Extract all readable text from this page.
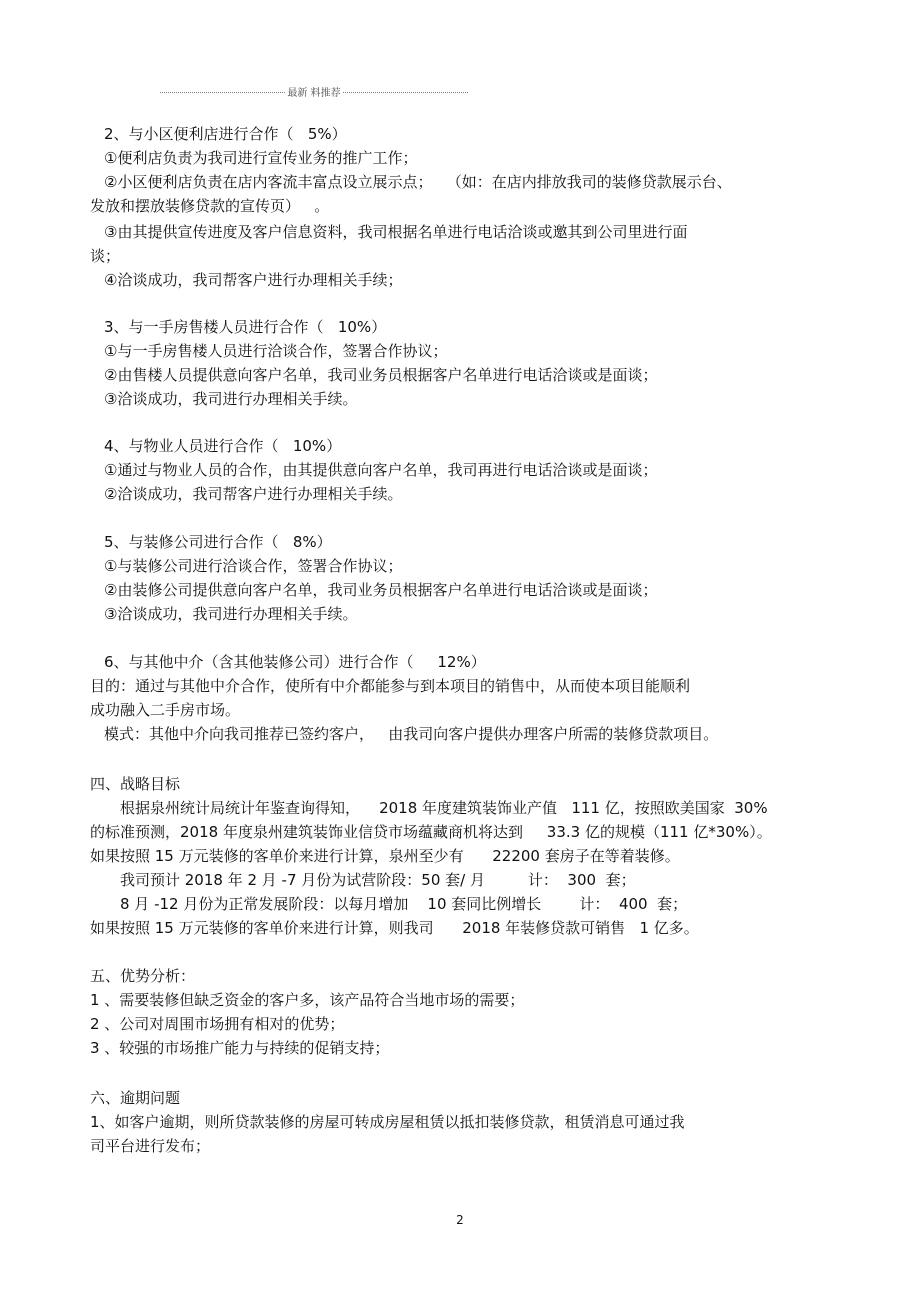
最新 料推荐
2、与小区便利店进行合作（   5%）
①便利店负责为我司进行宣传业务的推广工作；
②小区便利店负责在店内客流丰富点设立展示点；   （如：在店内排放我司的装修贷款展示台、
发放和摆放装修贷款的宣传页）   。
③由其提供宣传进度及客户信息资料，我司根据名单进行电话洽谈或邀其到公司里进行面
谈；
④洽谈成功，我司帮客户进行办理相关手续；
3、与一手房售楼人员进行合作（   10%）
①与一手房售楼人员进行洽谈合作，签署合作协议；
②由售楼人员提供意向客户名单，我司业务员根据客户名单进行电话洽谈或是面谈；
③洽谈成功，我司进行办理相关手续。
4、与物业人员进行合作（   10%）
①通过与物业人员的合作，由其提供意向客户名单，我司再进行电话洽谈或是面谈；
②洽谈成功，我司帮客户进行办理相关手续。
5、与装修公司进行合作（   8%）
①与装修公司进行洽谈合作，签署合作协议；
②由装修公司提供意向客户名单，我司业务员根据客户名单进行电话洽谈或是面谈；
③洽谈成功，我司进行办理相关手续。
6、与其他中介（含其他装修公司）进行合作（     12%）
目的：通过与其他中介合作，使所有中介都能参与到本项目的销售中，从而使本项目能顺利
成功融入二手房市场。
模式：其他中介向我司推荐已签约客户，   由我司向客户提供办理客户所需的装修贷款项目。
四、战略目标
根据泉州统计局统计年鉴查询得知，    2018 年度建筑装饰业产值   111 亿，按照欧美国家  30%
的标准预测，2018 年度泉州建筑装饰业信贷市场蕴藏商机将达到     33.3 亿的规模（111 亿*30%）。
如果按照 15 万元装修的客单价来进行计算，泉州至少有      22200 套房子在等着装修。
我司预计 2018 年 2 月 -7 月份为试营阶段：50 套/ 月         计：  300  套；
8 月 -12 月份为正常发展阶段：以每月增加    10 套同比例增长        计：  400  套；
如果按照 15 万元装修的客单价来进行计算，则我司      2018 年装修贷款可销售   1 亿多。
五、优势分析：
1 、需要装修但缺乏资金的客户多，该产品符合当地市场的需要；
2 、公司对周围市场拥有相对的优势；
3 、较强的市场推广能力与持续的促销支持；
六、逾期问题
1、如客户逾期，则所贷款装修的房屋可转成房屋租赁以抵扣装修贷款，租赁消息可通过我
司平台进行发布；
2
